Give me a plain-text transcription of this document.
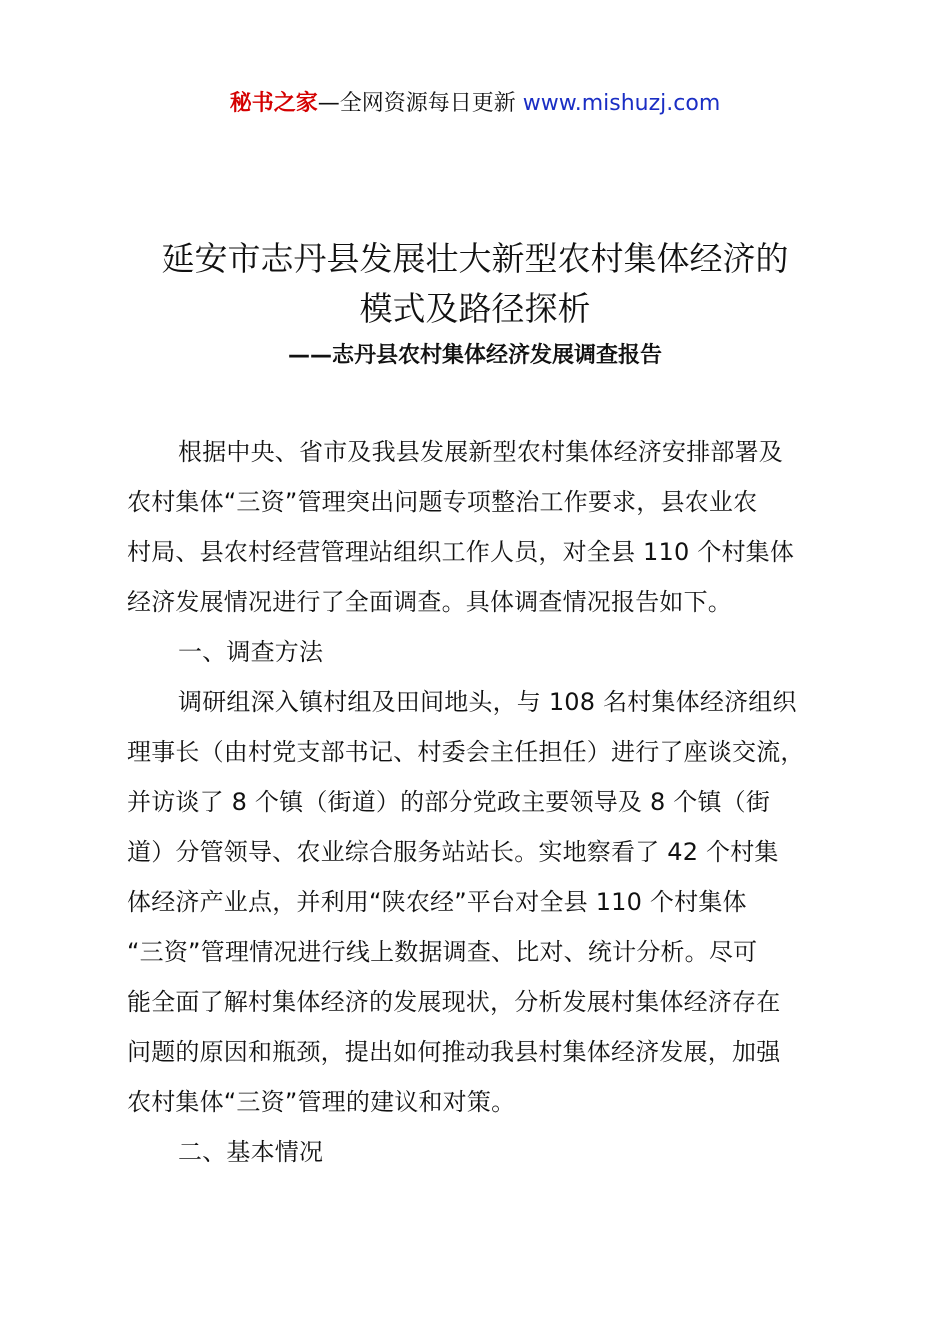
秘书之家—全网资源每日更新 www.mishuzj.com
延安市志丹县发展壮大新型农村集体经济的
模式及路径探析
——志丹县农村集体经济发展调查报告
根据中央、省市及我县发展新型农村集体经济安排部署及
农村集体“三资”管理突出问题专项整治工作要求，县农业农
村局、县农村经营管理站组织工作人员，对全县 110 个村集体
经济发展情况进行了全面调查。具体调查情况报告如下。
一、调查方法
调研组深入镇村组及田间地头，与 108 名村集体经济组织
理事长（由村党支部书记、村委会主任担任）进行了座谈交流，
并访谈了 8 个镇（街道）的部分党政主要领导及 8 个镇（街
道）分管领导、农业综合服务站站长。实地察看了 42 个村集
体经济产业点，并利用“陕农经”平台对全县 110 个村集体
“三资”管理情况进行线上数据调查、比对、统计分析。尽可
能全面了解村集体经济的发展现状，分析发展村集体经济存在
问题的原因和瓶颈，提出如何推动我县村集体经济发展，加强
农村集体“三资”管理的建议和对策。
二、基本情况
